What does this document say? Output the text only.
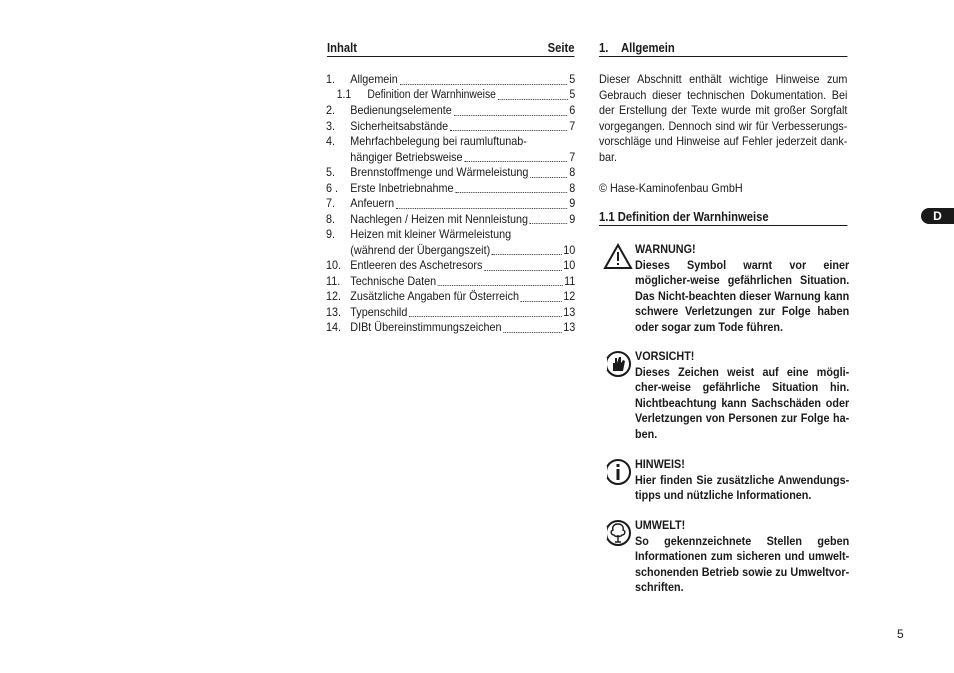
Inhalt	Seite
1.	Allgemein	5
1.1	Definition der Warnhinweise	5
2.	Bedienungselemente	6
3.	Sicherheitsabstände	7
4.	Mehrfachbelegung bei raumluftunab-
hängiger Betriebsweise	7
5.	Brennstoffmenge und Wärmeleistung	8
6 .	Erste Inbetriebnahme	8
7.	Anfeuern	9
8.	Nachlegen / Heizen mit Nennleistung	9
9.	Heizen mit kleiner Wärmeleistung
(während der Übergangszeit)	10
10. Entleeren des Aschetresors	10
11. Technische Daten	11
12. Zusätzliche Angaben für Österreich	12
13. Typenschild	13
14. DIBt Übereinstimmungszeichen	13
1. Allgemein
Dieser Abschnitt enthält wichtige Hinweise zum Gebrauch dieser technischen Dokumentation. Bei der Erstellung der Texte wurde mit großer Sorgfalt vorgegangen. Dennoch sind wir für Verbesserungs-vorschläge und Hinweise auf Fehler jederzeit dank-bar.
© Hase-Kaminofenbau GmbH
1.1 Definition der Warnhinweise
WARNUNG!
Dieses Symbol warnt vor einer möglicher-weise gefährlichen Situation. Das Nicht-beachten dieser Warnung kann schwere Verletzungen zur Folge haben oder sogar zum Tode führen.
VORSICHT!
Dieses Zeichen weist auf eine mögli-cher-weise gefährliche Situation hin. Nichtbeachtung kann Sachschäden oder Verletzungen von Personen zur Folge ha-ben.
HINWEIS!
Hier finden Sie zusätzliche Anwendungs-tipps und nützliche Informationen.
UMWELT!
So gekennzeichnete Stellen geben Informationen zum sicheren und umwelt-schonenden Betrieb sowie zu Umweltvor-schriften.
D
5
